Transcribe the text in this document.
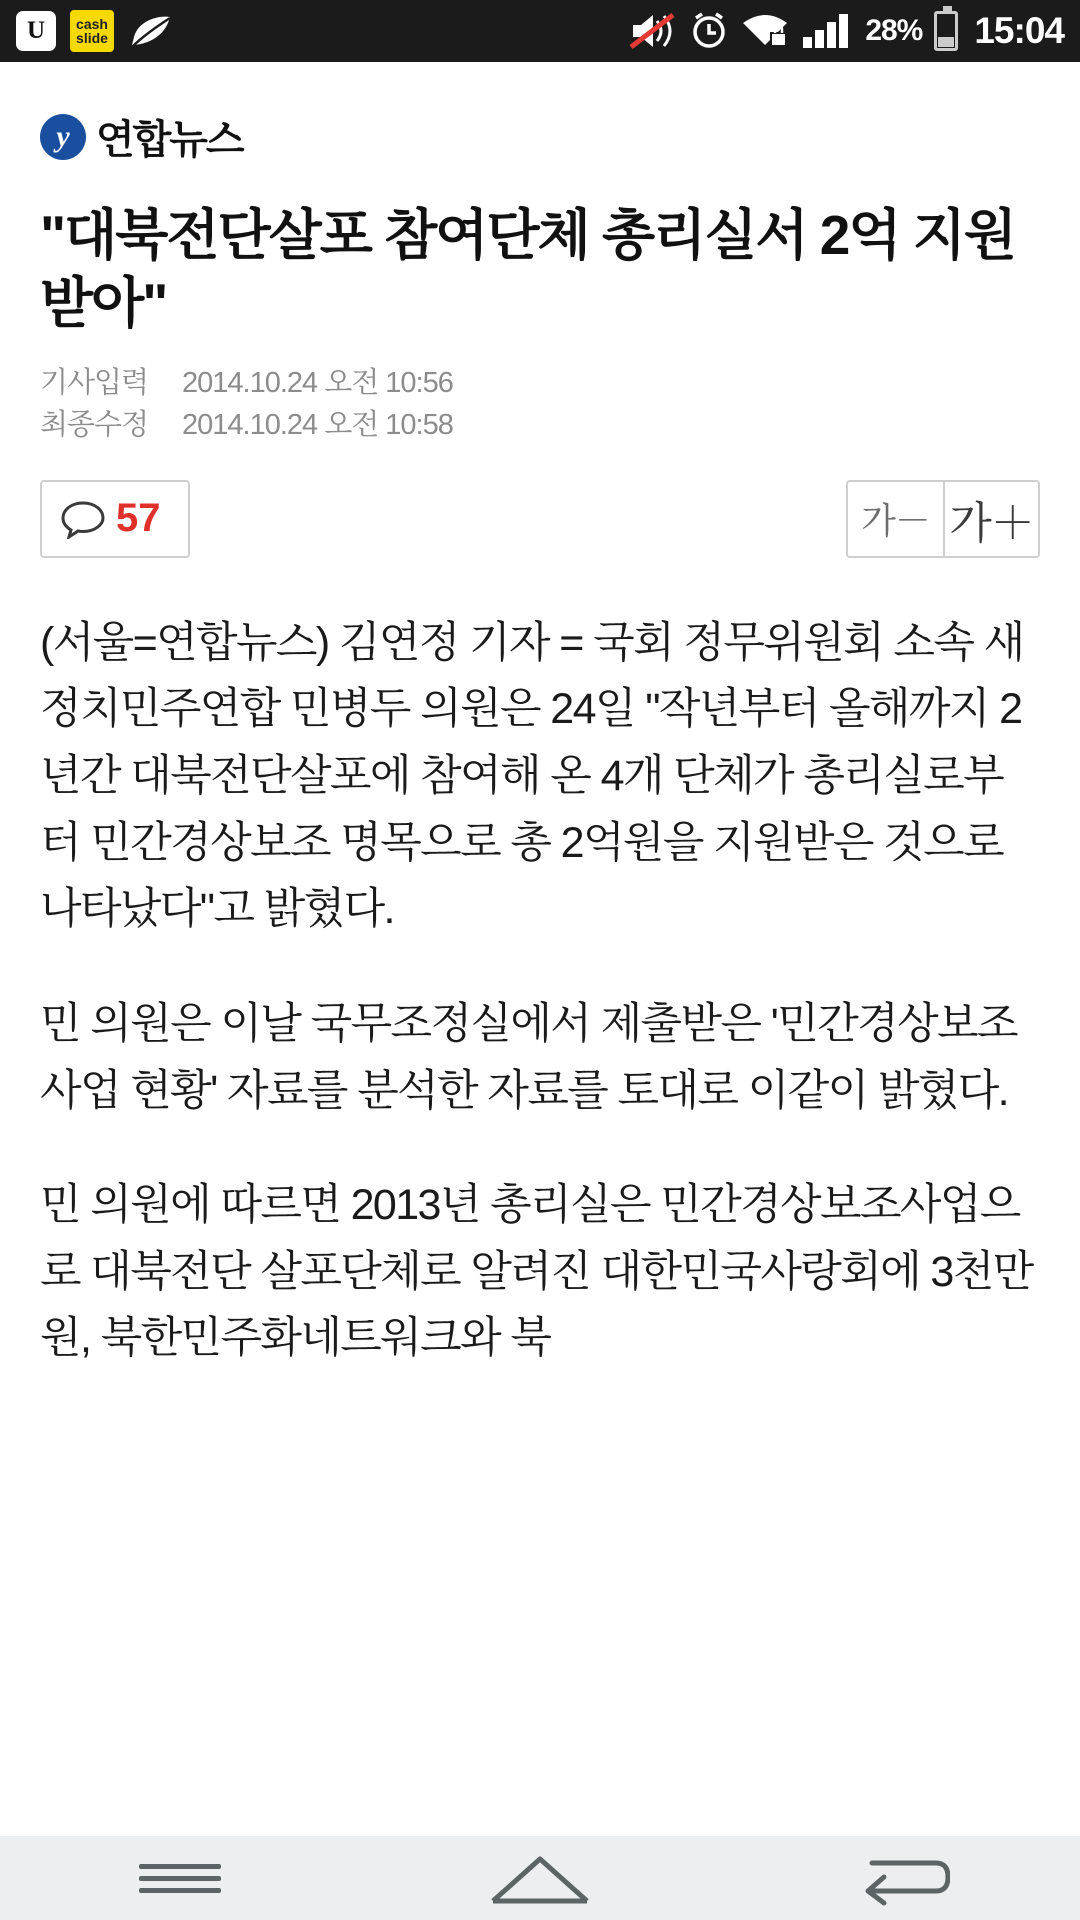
U cash
slide	28% 15:04
y 연합뉴스
"대북전단살포 참여단체 총리실서 2억 지원받아"
기사입력	2014.10.24 오전 10:56
최종수정	2014.10.24 오전 10:58
57	가－ 가＋

(서울=연합뉴스) 김연정 기자 = 국회 정무위원회 소속 새정치민주연합 민병두 의원은 24일 "작년부터 올해까지 2년간 대북전단살포에 참여해 온 4개 단체가 총리실로부터 민간경상보조 명목으로 총 2억원을 지원받은 것으로 나타났다"고 밝혔다.

민 의원은 이날 국무조정실에서 제출받은 '민간경상보조사업 현황' 자료를 분석한 자료를 토대로 이같이 밝혔다.

민 의원에 따르면 2013년 총리실은 민간경상보조사업으로 대북전단 살포단체로 알려진 대한민국사랑회에 3천만원, 북한민주화네트워크와 북
